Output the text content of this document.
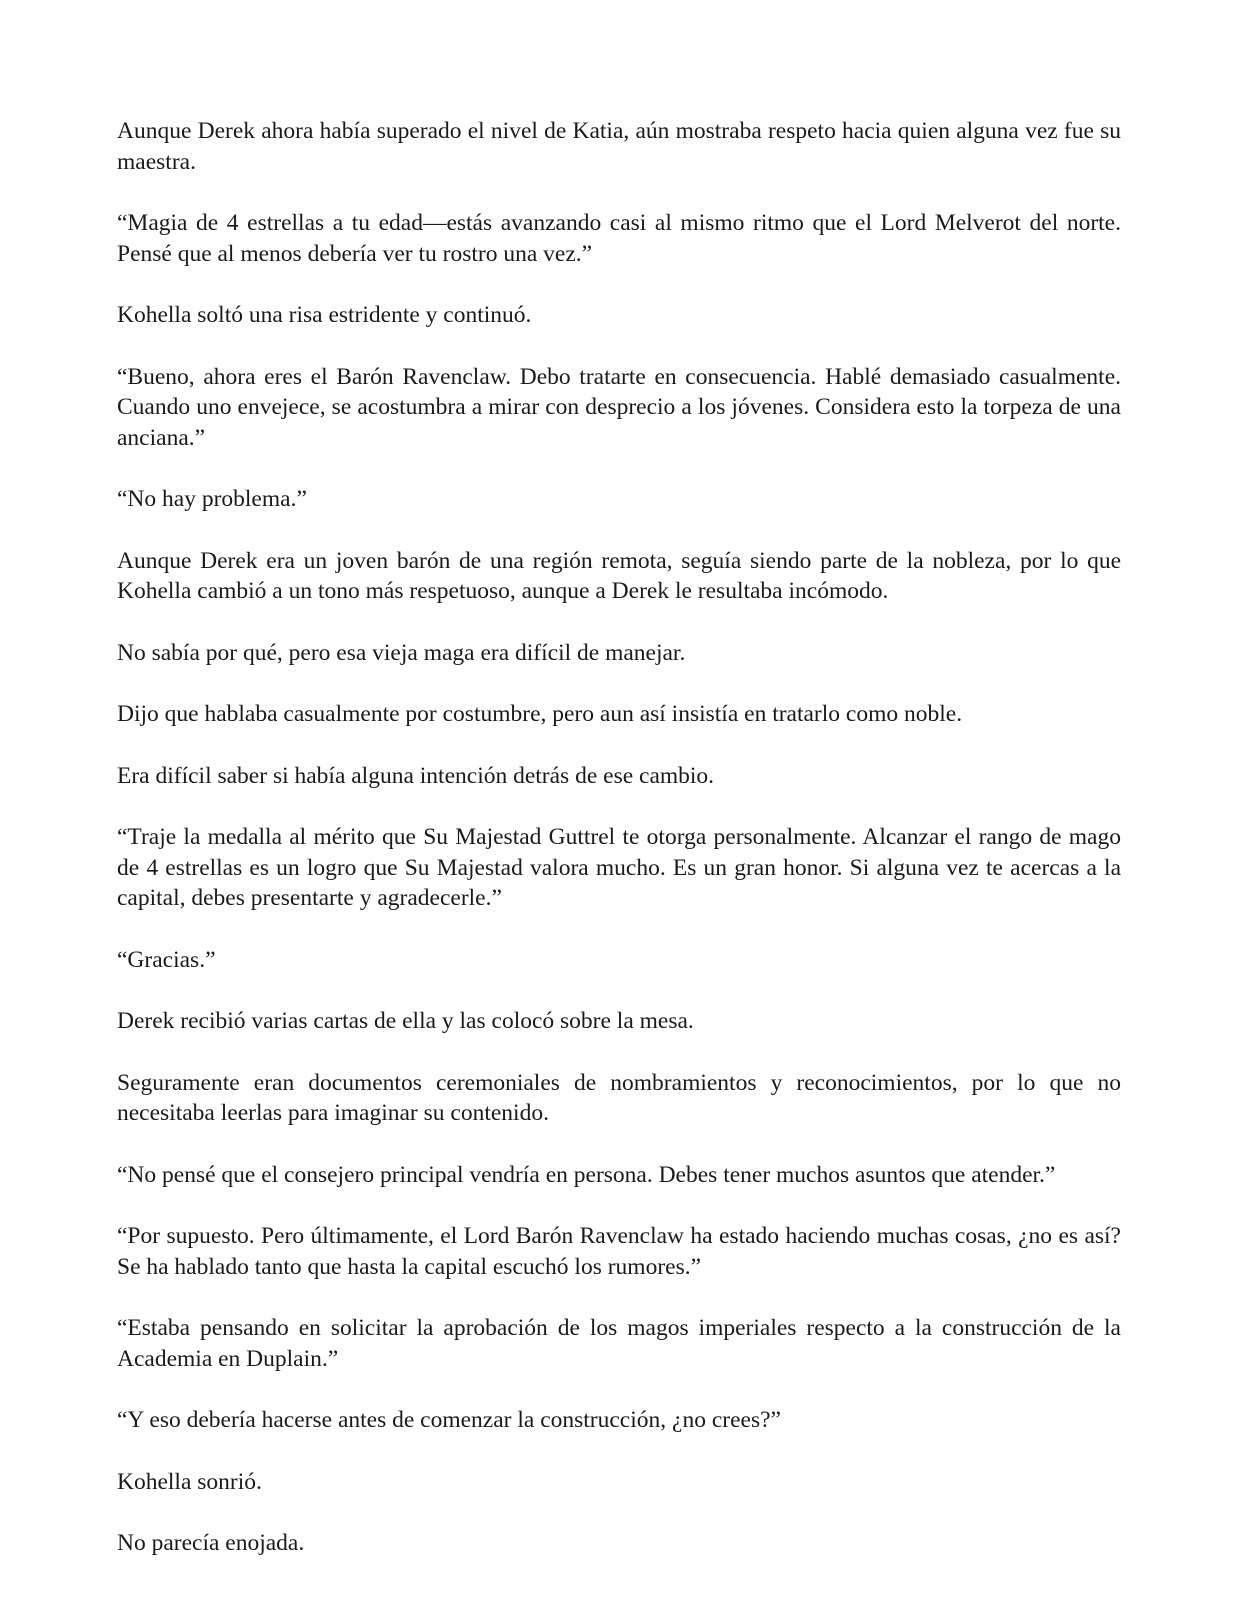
Aunque Derek ahora había superado el nivel de Katia, aún mostraba respeto hacia quien alguna vez fue su maestra.

“Magia de 4 estrellas a tu edad—estás avanzando casi al mismo ritmo que el Lord Melverot del norte. Pensé que al menos debería ver tu rostro una vez.”

Kohella soltó una risa estridente y continuó.

“Bueno, ahora eres el Barón Ravenclaw. Debo tratarte en consecuencia. Hablé demasiado casualmente. Cuando uno envejece, se acostumbra a mirar con desprecio a los jóvenes. Considera esto la torpeza de una anciana.”

“No hay problema.”

Aunque Derek era un joven barón de una región remota, seguía siendo parte de la nobleza, por lo que Kohella cambió a un tono más respetuoso, aunque a Derek le resultaba incómodo.

No sabía por qué, pero esa vieja maga era difícil de manejar.

Dijo que hablaba casualmente por costumbre, pero aun así insistía en tratarlo como noble.

Era difícil saber si había alguna intención detrás de ese cambio.

“Traje la medalla al mérito que Su Majestad Guttrel te otorga personalmente. Alcanzar el rango de mago de 4 estrellas es un logro que Su Majestad valora mucho. Es un gran honor. Si alguna vez te acercas a la capital, debes presentarte y agradecerle.”

“Gracias.”

Derek recibió varias cartas de ella y las colocó sobre la mesa.

Seguramente eran documentos ceremoniales de nombramientos y reconocimientos, por lo que no necesitaba leerlas para imaginar su contenido.

“No pensé que el consejero principal vendría en persona. Debes tener muchos asuntos que atender.”

“Por supuesto. Pero últimamente, el Lord Barón Ravenclaw ha estado haciendo muchas cosas, ¿no es así? Se ha hablado tanto que hasta la capital escuchó los rumores.”

“Estaba pensando en solicitar la aprobación de los magos imperiales respecto a la construcción de la Academia en Duplain.”

“Y eso debería hacerse antes de comenzar la construcción, ¿no crees?”

Kohella sonrió.

No parecía enojada.
